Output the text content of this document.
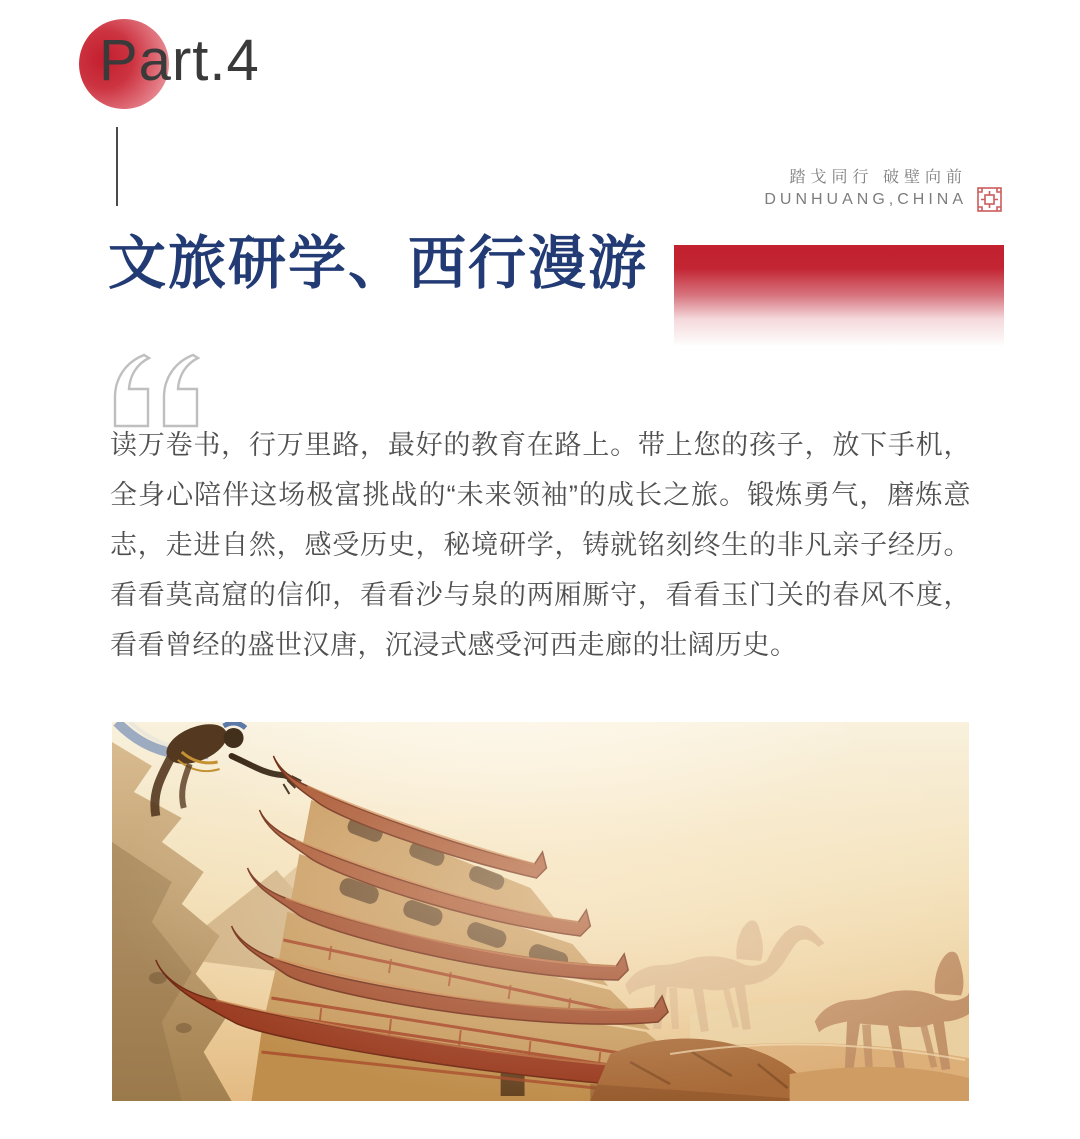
Part.4
踏戈同行 破壁向前
DUNHUANG,CHINA
文旅研学、西行漫游

读万卷书，行万里路，最好的教育在路上。带上您的孩子，放下手机，全身心陪伴这场极富挑战的“未来领袖”的成长之旅。锻炼勇气，磨炼意志，走进自然，感受历史，秘境研学，铸就铭刻终生的非凡亲子经历。看看莫高窟的信仰，看看沙与泉的两厢厮守，看看玉门关的春风不度，看看曾经的盛世汉唐，沉浸式感受河西走廊的壮阔历史。
